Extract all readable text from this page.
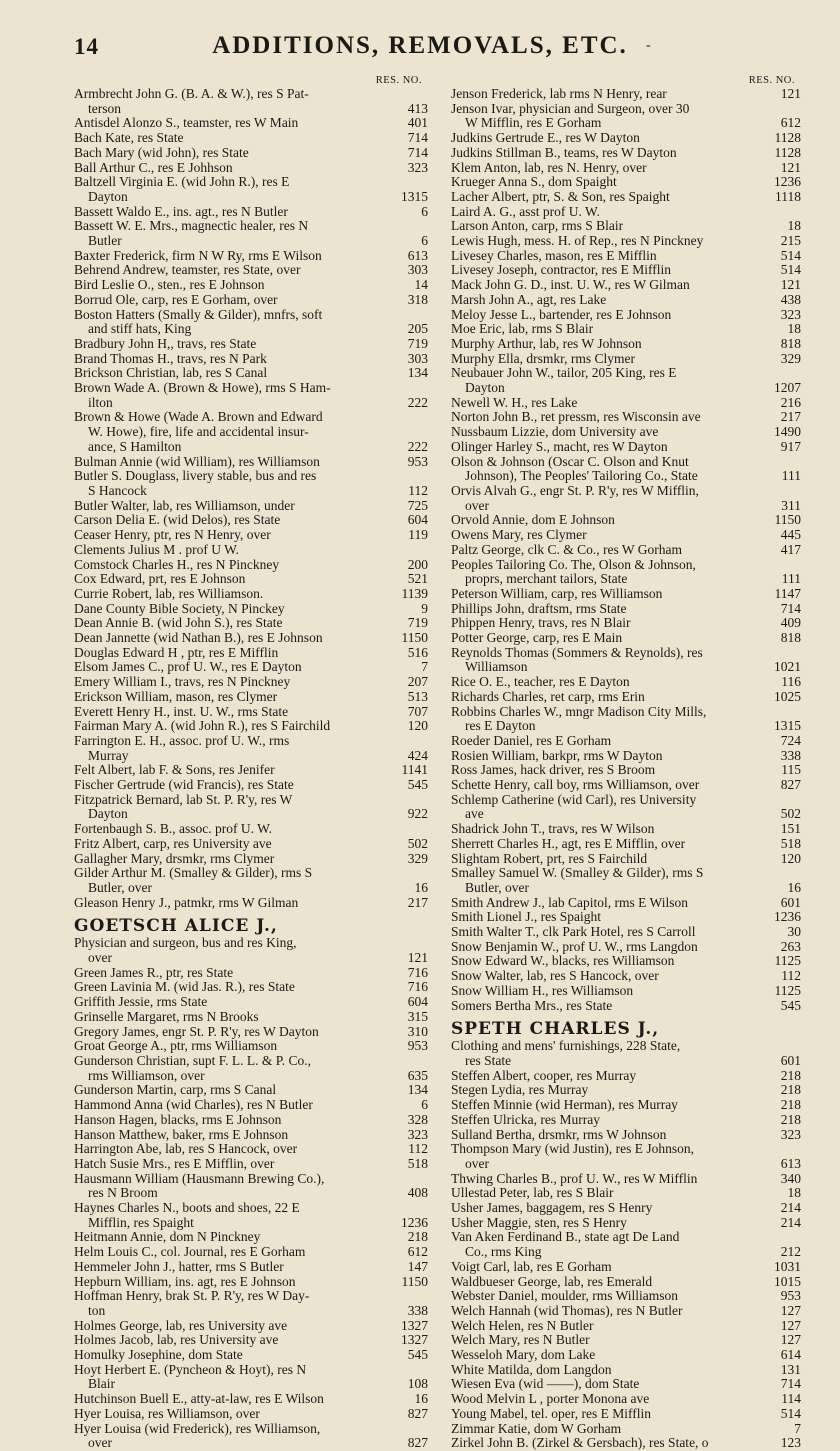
14	ADDITIONS, REMOVALS, ETC.	-
RES. NO.
Armbrecht John G. (B. A. & W.), res S Pat-
terson	413
Antisdel Alonzo S., teamster, res W Main	401
Bach Kate, res State	714
Bach Mary (wid John), res State	714
Ball Arthur C., res E Johhson	323
Baltzell Virginia E. (wid John R.), res E
Dayton	1315
Bassett Waldo E., ins. agt., res N Butler	6
Bassett W. E. Mrs., magnectic healer, res N
Butler	6
Baxter Frederick, firm N W Ry, rms E Wilson	613
Behrend Andrew, teamster, res State, over	303
Bird Leslie O., sten., res E Johnson	14
Borrud Ole, carp, res E Gorham, over	318
Boston Hatters (Smally & Gilder), mnfrs, soft
and stiff hats, King	205
Bradbury John H,, travs, res State	719
Brand Thomas H., travs, res N Park	303
Brickson Christian, lab, res S Canal	134
Brown Wade A. (Brown & Howe), rms S Ham-
ilton	222
Brown & Howe (Wade A. Brown and Edward
W. Howe), fire, life and accidental insur-
ance, S Hamilton	222
Bulman Annie (wid William), res Williamson	953
Butler S. Douglass, livery stable, bus and res
S Hancock	112
Butler Walter, lab, res Williamson, under	725
Carson Delia E. (wid Delos), res State	604
Ceaser Henry, ptr, res N Henry, over	119
Clements Julius M . prof U W.
Comstock Charles H., res N Pinckney	200
Cox Edward, prt, res E Johnson	521
Currie Robert, lab, res Williamson.	1139
Dane County Bible Society, N Pinckey	9
Dean Annie B. (wid John S.), res State	719
Dean Jannette (wid Nathan B.), res E Johnson	1150
Douglas Edward H , ptr, res E Mifflin	516
Elsom James C., prof U. W., res E Dayton	7
Emery William I., travs, res N Pinckney	207
Erickson William, mason, res Clymer	513
Everett Henry H., inst. U. W., rms State	707
Fairman Mary A. (wid John R.), res S Fairchild	120
Farrington E. H., assoc. prof U. W., rms
Murray	424
Felt Albert, lab F. & Sons, res Jenifer	1141
Fischer Gertrude (wid Francis), res State	545
Fitzpatrick Bernard, lab St. P. R'y, res W
Dayton	922
Fortenbaugh S. B., assoc. prof U. W.
Fritz Albert, carp, res University ave	502
Gallagher Mary, drsmkr, rms Clymer	329
Gilder Arthur M. (Smalley & Gilder), rms S
Butler, over	16
Gleason Henry J., patmkr, rms W Gilman	217
GOETSCH ALICE J.,
Physician and surgeon, bus and res King,
over	121
Green James R., ptr, res State	716
Green Lavinia M. (wid Jas. R.), res State	716
Griffith Jessie, rms State	604
Grinselle Margaret, rms N Brooks	315
Gregory James, engr St. P. R'y, res W Dayton	310
Groat George A., ptr, rms Williamson	953
Gunderson Christian, supt F. L. L. & P. Co.,
rms Williamson, over	635
Gunderson Martin, carp, rms S Canal	134
Hammond Anna (wid Charles), res N Butler	6
Hanson Hagen, blacks, rms E Johnson	328
Hanson Matthew, baker, rms E Johnson	323
Harrington Abe, lab, res S Hancock, over	112
Hatch Susie Mrs., res E Mifflin, over	518
Hausmann William (Hausmann Brewing Co.),
res N Broom	408
Haynes Charles N., boots and shoes, 22 E
Mifflin, res Spaight	1236
Heitmann Annie, dom N Pinckney	218
Helm Louis C., col. Journal, res E Gorham	612
Hemmeler John J., hatter, rms S Butler	147
Hepburn William, ins. agt, res E Johnson	1150
Hoffman Henry, brak St. P. R'y, res W Day-
ton	338
Holmes George, lab, res University ave	1327
Holmes Jacob, lab, res University ave	1327
Homulky Josephine, dom State	545
Hoyt Herbert E. (Pyncheon & Hoyt), res N
Blair	108
Hutchinson Buell E., atty-at-law, res E Wilson	16
Hyer Louisa, res Williamson, over	827
Hyer Louisa (wid Frederick), res Williamson,
over	827
RES. NO.
Jenson Frederick, lab rms N Henry, rear	121
Jenson Ivar, physician and Surgeon, over 30
W Mifflin, res E Gorham	612
Judkins Gertrude E., res W Dayton	1128
Judkins Stillman B., teams, res W Dayton	1128
Klem Anton, lab, res N. Henry, over	121
Krueger Anna S., dom Spaight	1236
Lacher Albert, ptr, S. & Son, res Spaight	1118
Laird A. G., asst prof U. W.
Larson Anton, carp, rms S Blair	18
Lewis Hugh, mess. H. of Rep., res N Pinckney	215
Livesey Charles, mason, res E Mifflin	514
Livesey Joseph, contractor, res E Mifflin	514
Mack John G. D., inst. U. W., res W Gilman	121
Marsh John A., agt, res Lake	438
Meloy Jesse L., bartender, res E Johnson	323
Moe Eric, lab, rms S Blair	18
Murphy Arthur, lab, res W Johnson	818
Murphy Ella, drsmkr, rms Clymer	329
Neubauer John W., tailor, 205 King, res E
Dayton	1207
Newell W. H., res Lake	216
Norton John B., ret pressm, res Wisconsin ave	217
Nussbaum Lizzie, dom University ave	1490
Olinger Harley S., macht, res W Dayton	917
Olson & Johnson (Oscar C. Olson and Knut
Johnson), The Peoples' Tailoring Co., State	111
Orvis Alvah G., engr St. P. R'y, res W Mifflin,
over	311
Orvold Annie, dom E Johnson	1150
Owens Mary, res Clymer	445
Paltz George, clk C. & Co., res W Gorham	417
Peoples Tailoring Co. The, Olson & Johnson,
proprs, merchant tailors, State	111
Peterson William, carp, res Williamson	1147
Phillips John, draftsm, rms State	714
Phippen Henry, travs, res N Blair	409
Potter George, carp, res E Main	818
Reynolds Thomas (Sommers & Reynolds), res
Williamson	1021
Rice O. E., teacher, res E Dayton	116
Richards Charles, ret carp, rms Erin	1025
Robbins Charles W., mngr Madison City Mills,
res E Dayton	1315
Roeder Daniel, res E Gorham	724
Rosien William, barkpr, rms W Dayton	338
Ross James, hack driver, res S Broom	115
Schette Henry, call boy, rms Williamson, over	827
Schlemp Catherine (wid Carl), res University
ave	502
Shadrick John T., travs, res W Wilson	151
Sherrett Charles H., agt, res E Mifflin, over	518
Slightam Robert, prt, res S Fairchild	120
Smalley Samuel W. (Smalley & Gilder), rms S
Butler, over	16
Smith Andrew J., lab Capitol, rms E Wilson	601
Smith Lionel J., res Spaight	1236
Smith Walter T., clk Park Hotel, res S Carroll	30
Snow Benjamin W., prof U. W., rms Langdon	263
Snow Edward W., blacks, res Williamson	1125
Snow Walter, lab, res S Hancock, over	112
Snow William H., res Williamson	1125
Somers Bertha Mrs., res State	545
SPETH CHARLES J.,
Clothing and mens' furnishings, 228 State,
res State	601
Steffen Albert, cooper, res Murray	218
Stegen Lydia, res Murray	218
Steffen Minnie (wid Herman), res Murray	218
Steffen Ulricka, res Murray	218
Sulland Bertha, drsmkr, rms W Johnson	323
Thompson Mary (wid Justin), res E Johnson,
over	613
Thwing Charles B., prof U. W., res W Mifflin	340
Ullestad Peter, lab, res S Blair	18
Usher James, baggagem, res S Henry	214
Usher Maggie, sten, res S Henry	214
Van Aken Ferdinand B., state agt De Land
Co., rms King	212
Voigt Carl, lab, res E Gorham	1031
Waldbueser George, lab, res Emerald	1015
Webster Daniel, moulder, rms Williamson	953
Welch Hannah (wid Thomas), res N Butler	127
Welch Helen, res N Butler	127
Welch Mary, res N Butler	127
Wesseloh Mary, dom Lake	614
White Matilda, dom Langdon	131
Wiesen Eva (wid ——), dom State	714
Wood Melvin L , porter Monona ave	114
Young Mabel, tel. oper, res E Mifflin	514
Zimmar Katie, dom W Gorham	7
Zirkel John B. (Zirkel & Gersbach), res State, o	123
